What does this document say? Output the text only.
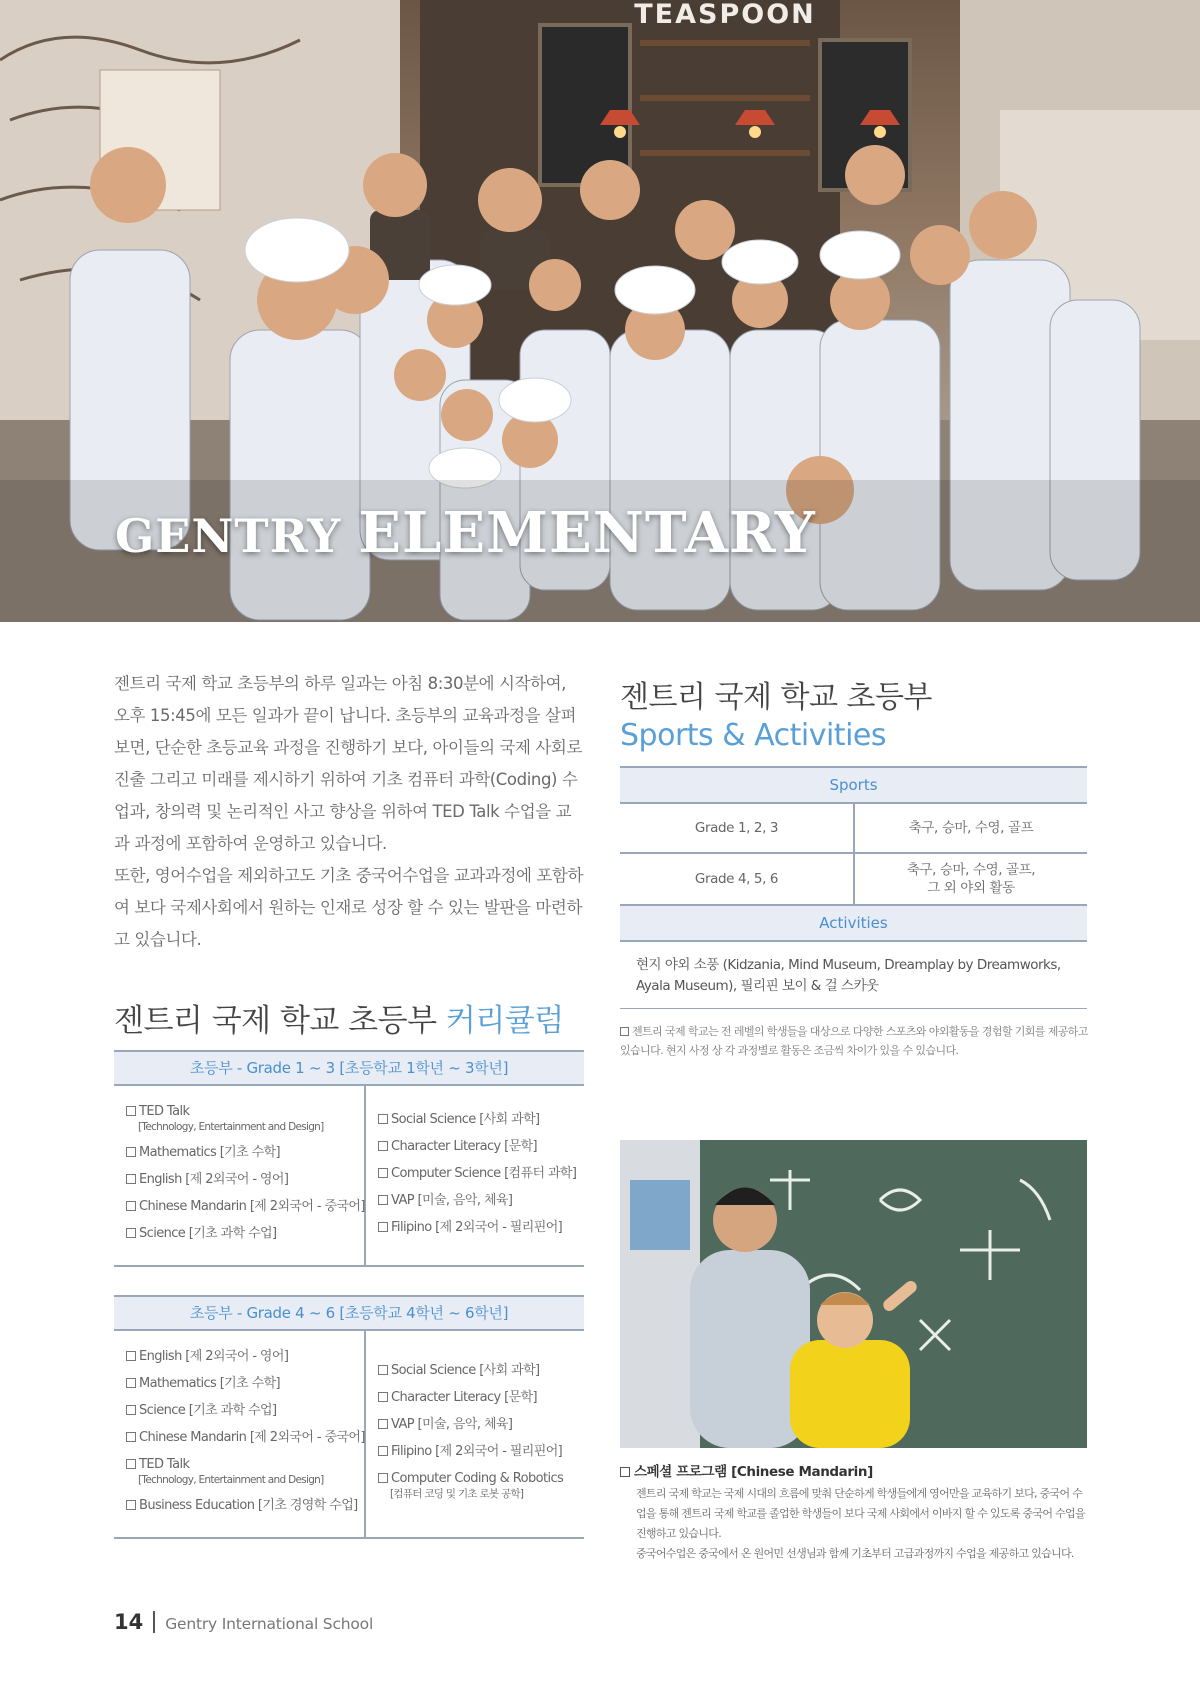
TEASPOON
GENTRY ELEMENTARY

젠트리 국제 학교 초등부의 하루 일과는 아침 8:30분에 시작하여, 오후 15:45에 모든 일과가 끝이 납니다. 초등부의 교육과정을 살펴보면, 단순한 초등교육 과정을 진행하기 보다, 아이들의 국제 사회로 진출 그리고 미래를 제시하기 위하여 기초 컴퓨터 과학(Coding) 수업과, 창의력 및 논리적인 사고 향상을 위하여 TED Talk 수업을 교과 과정에 포함하여 운영하고 있습니다.

또한, 영어수업을 제외하고도 기초 중국어수업을 교과과정에 포함하여 보다 국제사회에서 원하는 인재로 성장 할 수 있는 발판을 마련하고 있습니다.

젠트리 국제 학교 초등부 커리큘럼
초등부 - Grade 1 ~ 3 [초등학교 1학년 ~ 3학년]
TED Talk
[Technology, Entertainment and Design]
Mathematics [기초 수학]
English [제 2외국어 - 영어]
Chinese Mandarin [제 2외국어 - 중국어]
Science [기초 과학 수업]
Social Science [사회 과학]
Character Literacy [문학]
Computer Science [컴퓨터 과학]
VAP [미술, 음악, 체육]
Filipino [제 2외국어 - 필리핀어]
초등부 - Grade 4 ~ 6 [초등학교 4학년 ~ 6학년]
English [제 2외국어 - 영어]
Mathematics [기초 수학]
Science [기초 과학 수업]
Chinese Mandarin [제 2외국어 - 중국어]
TED Talk
[Technology, Entertainment and Design]
Business Education [기초 경영학 수업]
Social Science [사회 과학]
Character Literacy [문학]
VAP [미술, 음악, 체육]
Filipino [제 2외국어 - 필리핀어]
Computer Coding & Robotics
[컴퓨터 코딩 및 기초 로봇 공학]
젠트리 국제 학교 초등부
Sports & Activities
Sports	
Grade 1, 2, 3	축구, 승마, 수영, 골프
Grade 4, 5, 6	축구, 승마, 수영, 골프,
그 외 야외 활동
Activities	
현지 야외 소풍 (Kidzania, Mind Museum, Dreamplay by Dreamworks, Ayala Museum), 필리핀 보이 & 걸 스카웃
젠트리 국제 학교는 전 레벨의 학생들을 대상으로 다양한 스포츠와 야외활동을 경험할 기회를 제공하고 있습니다. 현지 사정 상 각 과정별로 활동은 조금씩 차이가 있을 수 있습니다.
스페셜 프로그램 [Chinese Mandarin]

젠트리 국제 학교는 국제 시대의 흐름에 맞춰 단순하게 학생들에게 영어만을 교육하기 보다, 중국어 수업을 통해 젠트리 국제 학교를 졸업한 학생들이 보다 국제 사회에서 이바지 할 수 있도록 중국어 수업을 진행하고 있습니다.

중국어수업은 중국에서 온 원어민 선생님과 함께 기초부터 고급과정까지 수업을 제공하고 있습니다.

14 Gentry International School
